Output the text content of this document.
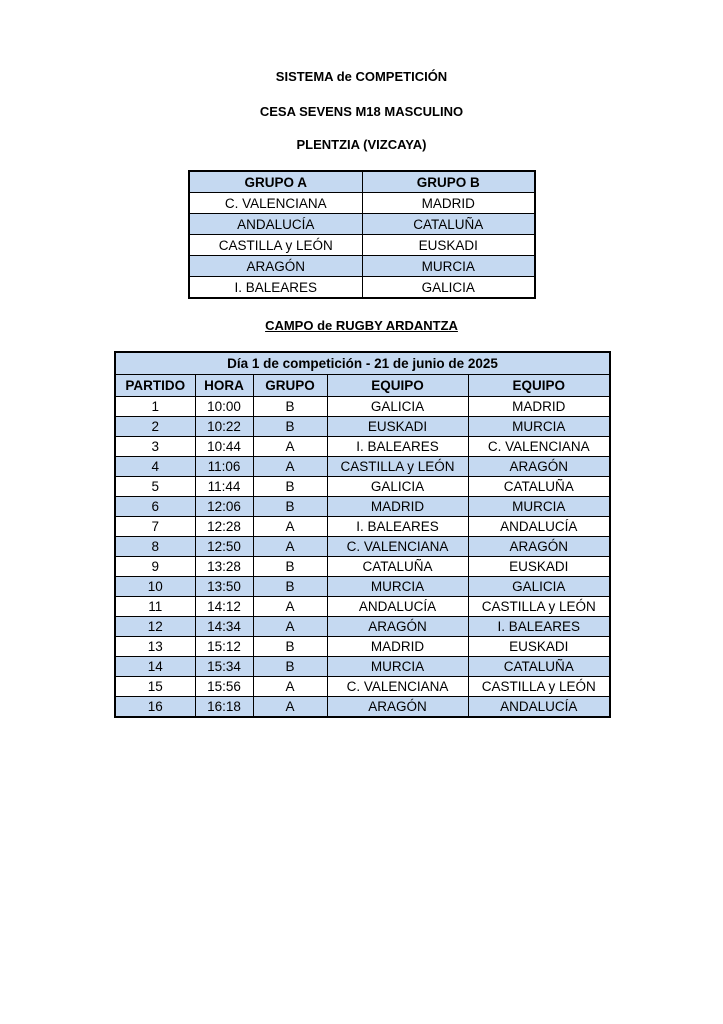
SISTEMA de COMPETICIÓN
CESA SEVENS M18 MASCULINO
PLENTZIA (VIZCAYA)
GRUPO A	GRUPO B
C. VALENCIANA	MADRID
ANDALUCÍA	CATALUÑA
CASTILLA y LEÓN	EUSKADI
ARAGÓN	MURCIA
I. BALEARES	GALICIA
CAMPO de RUGBY ARDANTZA
Día 1 de competición - 21 de junio de 2025				
PARTIDO	HORA	GRUPO	EQUIPO	EQUIPO
1	10:00	B	GALICIA	MADRID
2	10:22	B	EUSKADI	MURCIA
3	10:44	A	I. BALEARES	C. VALENCIANA
4	11:06	A	CASTILLA y LEÓN	ARAGÓN
5	11:44	B	GALICIA	CATALUÑA
6	12:06	B	MADRID	MURCIA
7	12:28	A	I. BALEARES	ANDALUCÍA
8	12:50	A	C. VALENCIANA	ARAGÓN
9	13:28	B	CATALUÑA	EUSKADI
10	13:50	B	MURCIA	GALICIA
11	14:12	A	ANDALUCÍA	CASTILLA y LEÓN
12	14:34	A	ARAGÓN	I. BALEARES
13	15:12	B	MADRID	EUSKADI
14	15:34	B	MURCIA	CATALUÑA
15	15:56	A	C. VALENCIANA	CASTILLA y LEÓN
16	16:18	A	ARAGÓN	ANDALUCÍA
